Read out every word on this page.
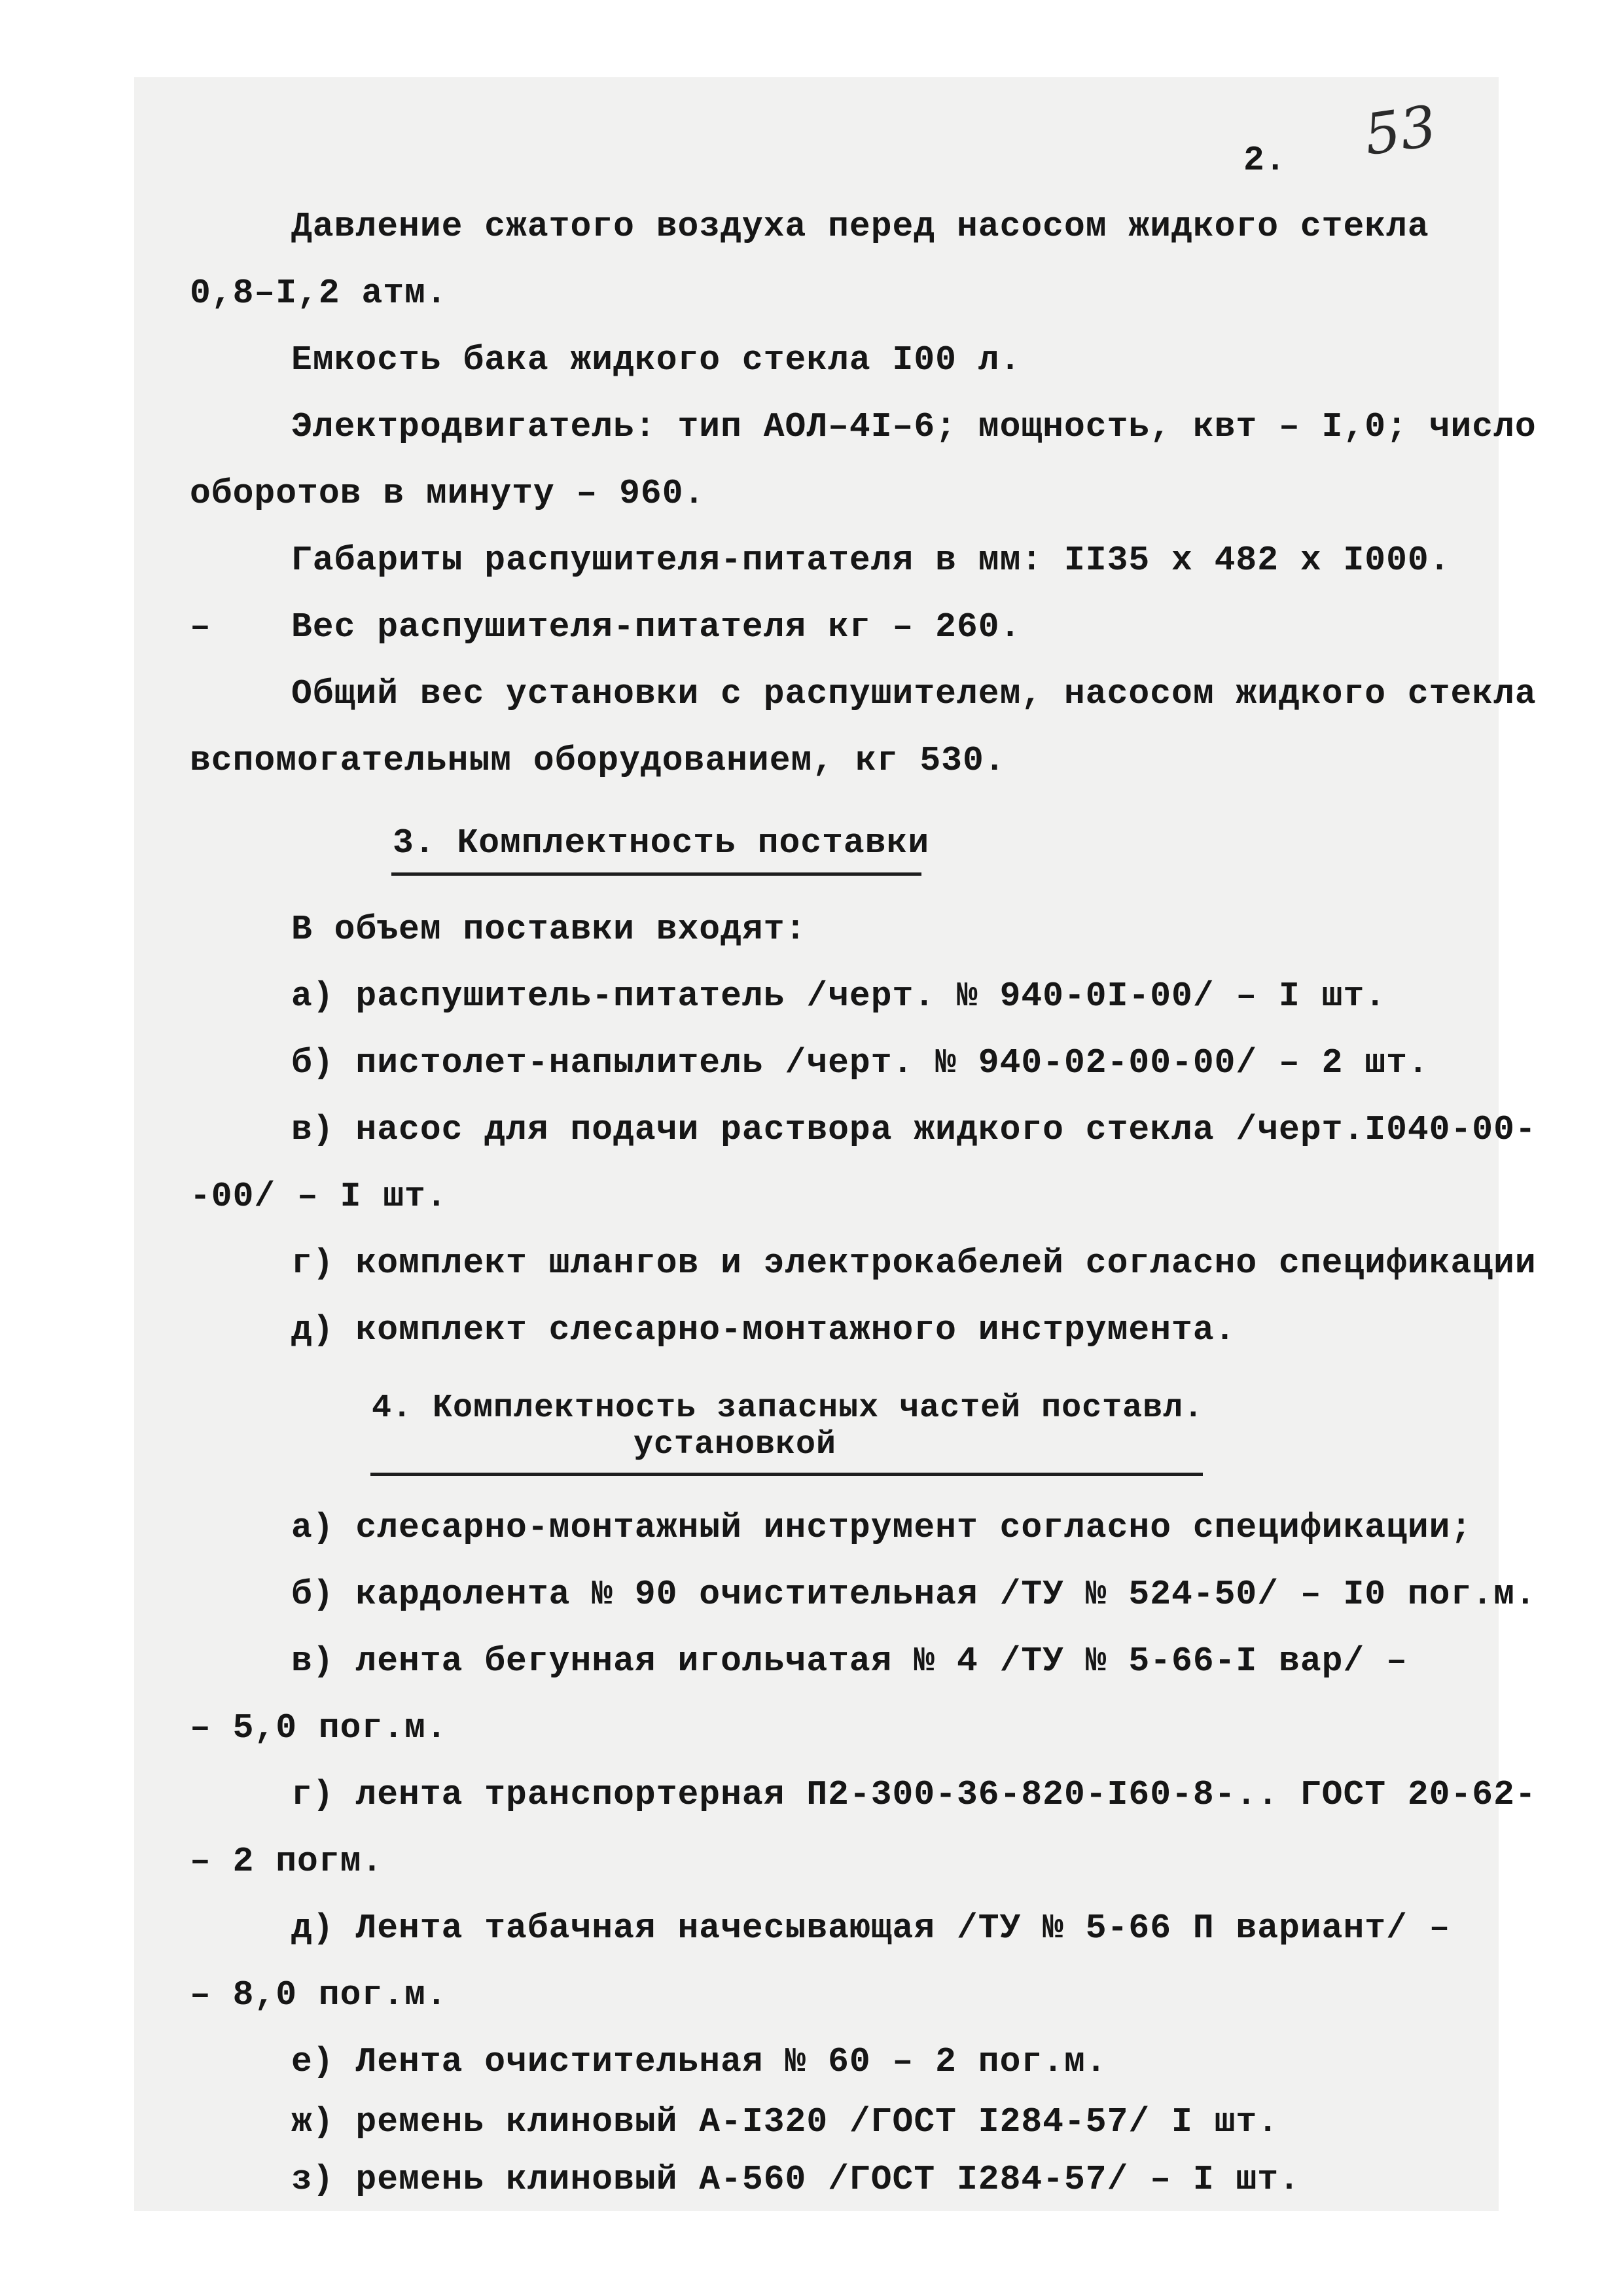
2. 53
Давление сжатого воздуха перед насосом жидкого стекла
0,8–I,2 атм.
Емкость бака жидкого стекла I00 л.
Электродвигатель: тип АОЛ–4I–6; мощность, квт – I,0; число
оборотов в минуту – 960.
Габариты распушителя-питателя в мм: II35 х 482 х I000.
– Вес распушителя-питателя кг – 260.
Общий вес установки с распушителем, насосом жидкого стекла
вспомогательным оборудованием, кг 530.
3. Комплектность поставки
В объем поставки входят:
а) распушитель-питатель /черт. № 940-0I-00/ – I шт.
б) пистолет-напылитель /черт. № 940-02-00-00/ – 2 шт.
в) насос для подачи раствора жидкого стекла /черт.I040-00-
-00/ – I шт.
г) комплект шлангов и электрокабелей согласно спецификации
д) комплект слесарно-монтажного инструмента.
4. Комплектность запасных частей поставл.
установкой
а) слесарно-монтажный инструмент согласно спецификации;
б) кардолента № 90 очистительная /ТУ № 524-50/ – I0 пог.м.
в) лента бегунная игольчатая № 4 /ТУ № 5-66-I вар/ –
– 5,0 пог.м.
г) лента транспортерная П2-300-36-820-I60-8-.. ГОСТ 20-62-
– 2 погм.
д) Лента табачная начесывающая /ТУ № 5-66 П вариант/ –
– 8,0 пог.м.
е) Лента очистительная № 60 – 2 пог.м.
ж) ремень клиновый А-I320 /ГОСТ I284-57/ I шт.
з) ремень клиновый А-560 /ГОСТ I284-57/ – I шт.
